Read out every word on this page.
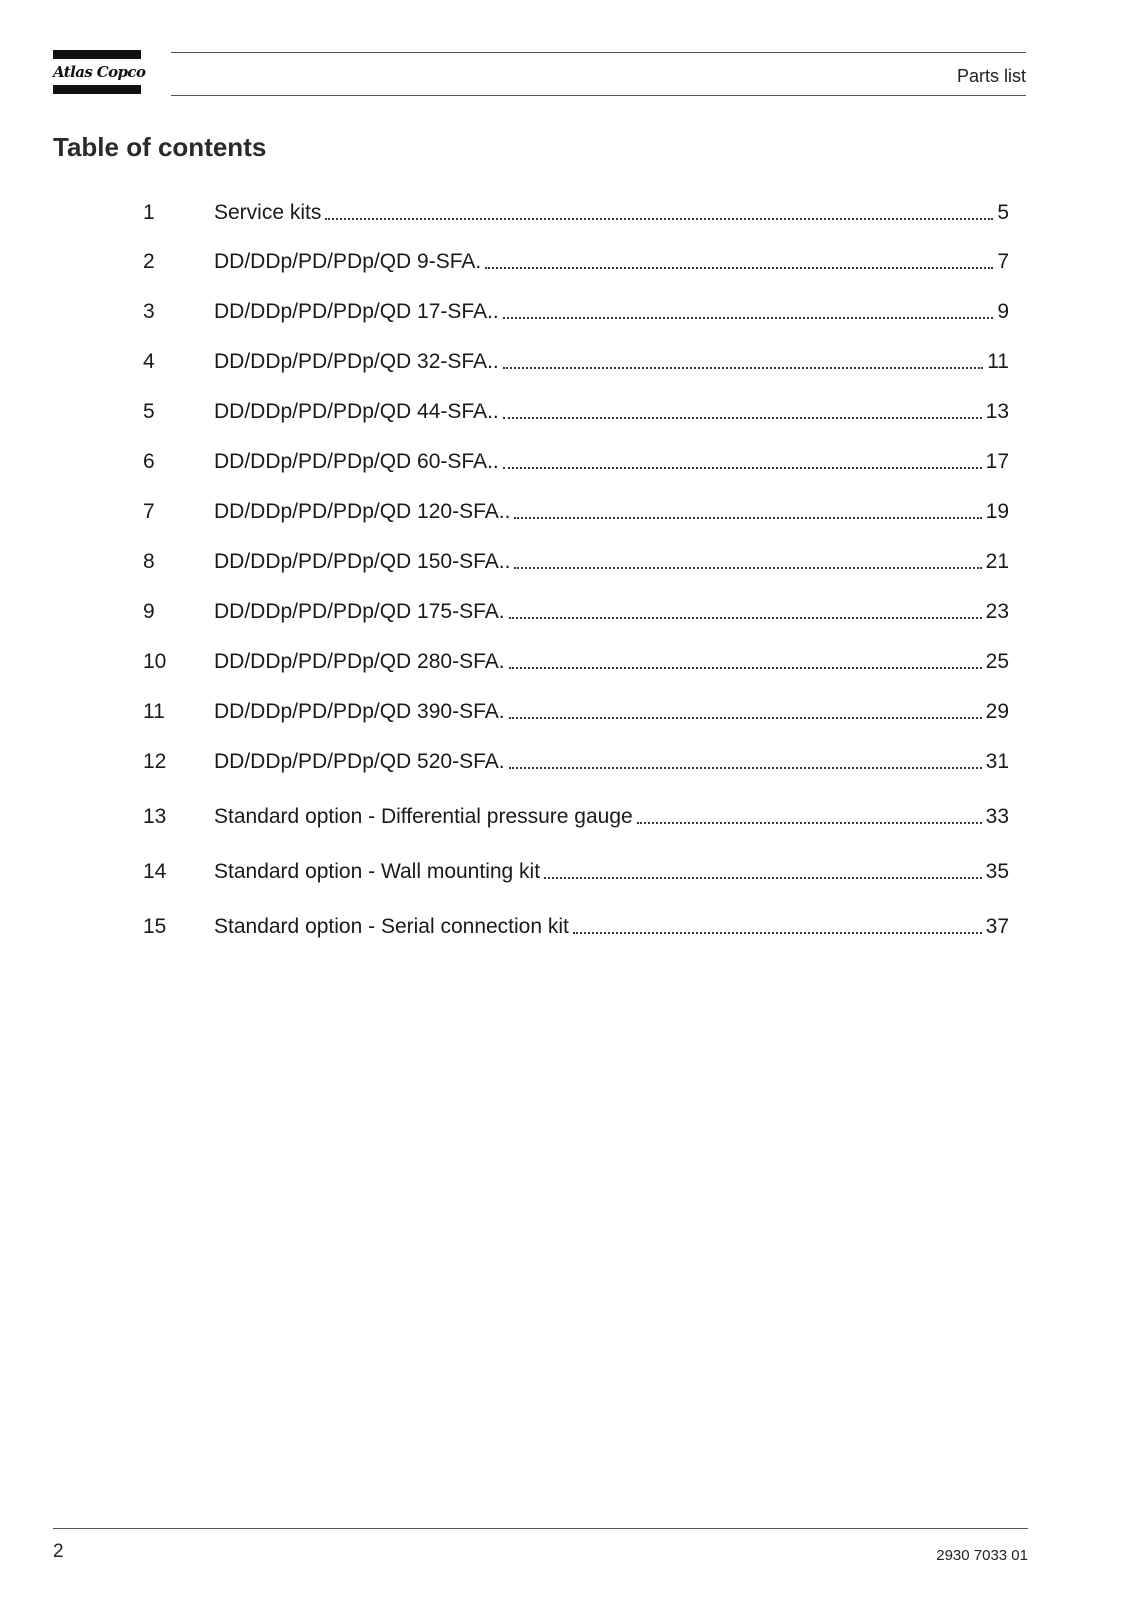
Atlas Copco	Parts list
Table of contents
1	Service kits	5
2	DD/DDp/PD/PDp/QD 9-SFA.	7
3	DD/DDp/PD/PDp/QD 17-SFA..	9
4	DD/DDp/PD/PDp/QD 32-SFA..	11
5	DD/DDp/PD/PDp/QD 44-SFA..	13
6	DD/DDp/PD/PDp/QD 60-SFA..	17
7	DD/DDp/PD/PDp/QD 120-SFA..	19
8	DD/DDp/PD/PDp/QD 150-SFA..	21
9	DD/DDp/PD/PDp/QD 175-SFA.	23
10	DD/DDp/PD/PDp/QD 280-SFA.	25
11	DD/DDp/PD/PDp/QD 390-SFA.	29
12	DD/DDp/PD/PDp/QD 520-SFA.	31
13	Standard option - Differential pressure gauge	33
14	Standard option - Wall mounting kit	35
15	Standard option - Serial connection kit	37
2	2930 7033 01
